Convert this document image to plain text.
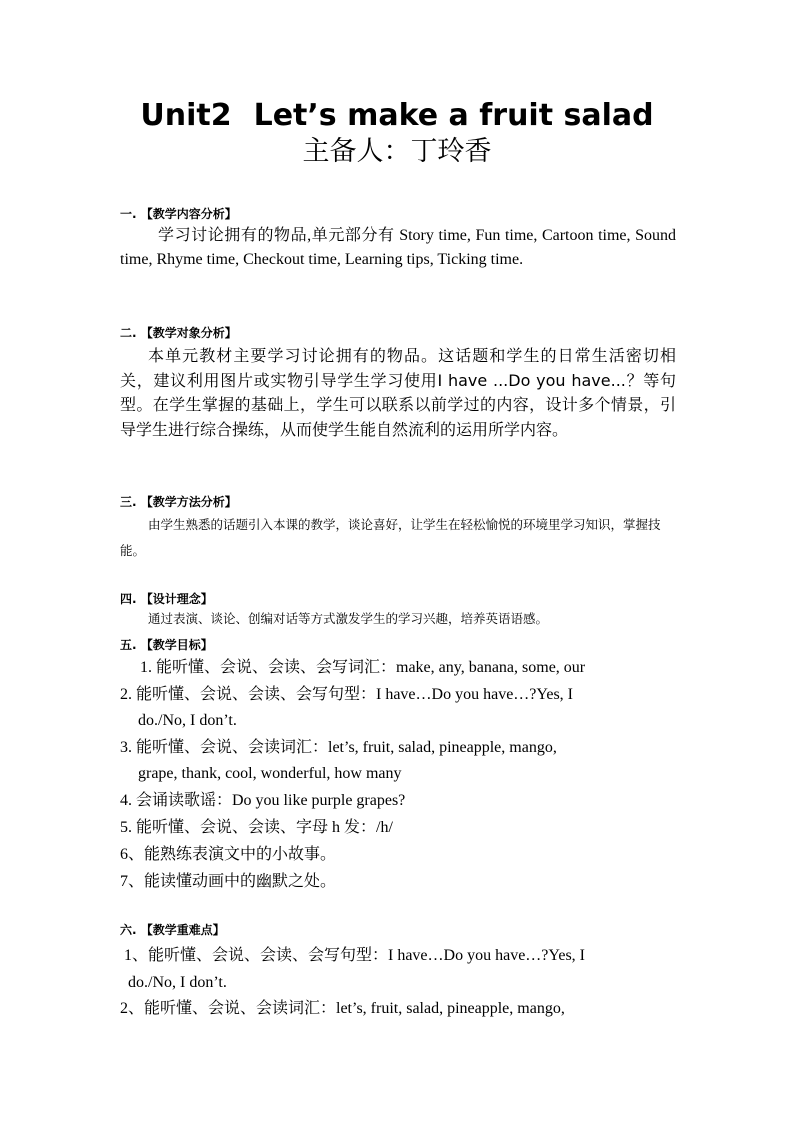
Unit2 Let’s make a fruit salad
主备人：丁玲香
一. 【教学内容分析】
学习讨论拥有的物品,单元部分有 Story time, Fun time, Cartoon time, Sound time, Rhyme time, Checkout time, Learning tips, Ticking time.
二. 【教学对象分析】
本单元教材主要学习讨论拥有的物品。这话题和学生的日常生活密切相 关，建议利用图片或实物引导学生学习使用I have ...Do you have...？等句型。在学生掌握的基础上，学生可以联系以前学过的内容，设计多个情景，引导学生进行综合操练，从而使学生能自然流利的运用所学内容。
三. 【教学方法分析】
由学生熟悉的话题引入本课的教学，谈论喜好，让学生在轻松愉悦的环境里学习知识，掌握技能。
四. 【设计理念】
通过表演、谈论、创编对话等方式激发学生的学习兴趣，培养英语语感。
五. 【教学目标】
1. 能听懂、会说、会读、会写词汇：make, any, banana, some, our
2. 能听懂、会说、会读、会写句型：I have…Do you have…?Yes, I
do./No, I don’t.
3. 能听懂、会说、会读词汇：let’s, fruit, salad, pineapple, mango,
grape, thank, cool, wonderful, how many
4. 会诵读歌谣：Do you like purple grapes?
5. 能听懂、会说、会读、字母 h 发：/h/
6、能熟练表演文中的小故事。
7、能读懂动画中的幽默之处。
六. 【教学重难点】
1、能听懂、会说、会读、会写句型：I have…Do you have…?Yes, I
do./No, I don’t.
2、能听懂、会说、会读词汇：let’s, fruit, salad, pineapple, mango,
